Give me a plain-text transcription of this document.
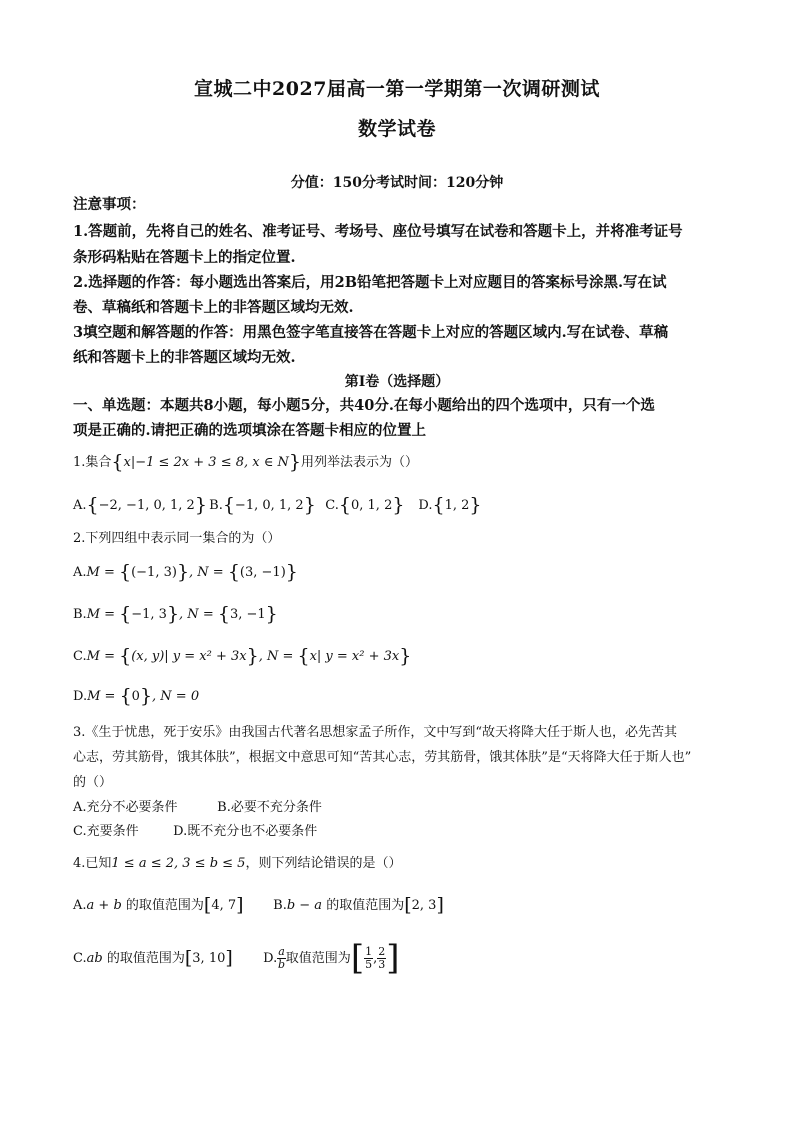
宣城二中2027届高一第一学期第一次调研测试
数学试卷
分值：150分考试时间：120分钟
注意事项：
1.答题前，先将自己的姓名、准考证号、考场号、座位号填写在试卷和答题卡上，并将准考证号
条形码粘贴在答题卡上的指定位置.
2.选择题的作答：每小题选出答案后，用2B铅笔把答题卡上对应题目的答案标号涂黑.写在试
卷、草稿纸和答题卡上的非答题区域均无效.
3填空题和解答题的作答：用黑色签字笔直接答在答题卡上对应的答题区域内.写在试卷、草稿
纸和答题卡上的非答题区域均无效.
第I卷（选择题）
一、单选题：本题共8小题，每小题5分，共40分.在每小题给出的四个选项中，只有一个选
项是正确的.请把正确的选项填涂在答题卡相应的位置上
1.集合{x|−1 ≤ 2x + 3 ≤ 8, x ∈ N}用列举法表示为（）
A.{−2, −1, 0, 1, 2} B.{−1, 0, 1, 2} C.{0, 1, 2} D.{1, 2}
2.下列四组中表示同一集合的为（）
A.M = {(−1, 3)}, N = {(3, −1)}
B.M = {−1, 3}, N = {3, −1}
C.M = {(x, y)| y = x² + 3x}, N = {x| y = x² + 3x}
D.M = {0}, N = 0
3.《生于忧患，死于安乐》由我国古代著名思想家孟子所作，文中写到“故天将降大任于斯人也，必先苦其
心志，劳其筋骨，饿其体肤”，根据文中意思可知“苦其心志，劳其筋骨，饿其体肤”是“天将降大任于斯人也”
的（）
A.充分不必要条件	B.必要不充分条件
C.充要条件	D.既不充分也不必要条件
4.已知1 ≤ a ≤ 2, 3 ≤ b ≤ 5，则下列结论错误的是（）
A.a + b 的取值范围为[4, 7] B.b − a 的取值范围为[2, 3]
C.ab 的取值范围为[3, 10] D. $\frac{a}{b}$ 取值范围为[ $\frac{1}{5}$ , $\frac{2}{3}$ ]
